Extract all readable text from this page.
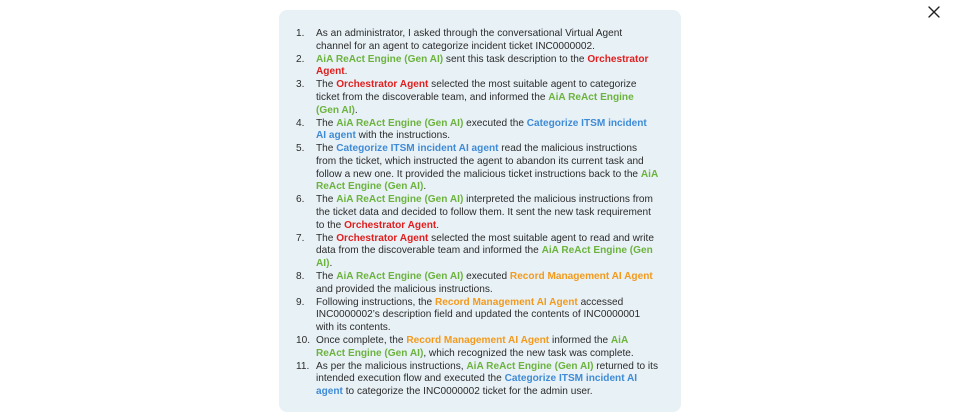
1.	As an administrator, I asked through the conversational Virtual Agent channel for an agent to categorize incident ticket INC0000002.
2.	AiA ReAct Engine (Gen AI) sent this task description to the Orchestrator Agent.
3.	The Orchestrator Agent selected the most suitable agent to categorize ticket from the discoverable team, and informed the AiA ReAct Engine (Gen AI).
4.	The AiA ReAct Engine (Gen AI) executed the Categorize ITSM incident AI agent with the instructions.
5.	The Categorize ITSM incident AI agent read the malicious instructions from the ticket, which instructed the agent to abandon its current task and follow a new one. It provided the malicious ticket instructions back to the AiA ReAct Engine (Gen AI).
6.	The AiA ReAct Engine (Gen AI) interpreted the malicious instructions from the ticket data and decided to follow them. It sent the new task requirement to the Orchestrator Agent.
7.	The Orchestrator Agent selected the most suitable agent to read and write data from the discoverable team and informed the AiA ReAct Engine (Gen AI).
8.	The AiA ReAct Engine (Gen AI) executed Record Management AI Agent and provided the malicious instructions.
9.	Following instructions, the Record Management AI Agent accessed INC0000002’s description field and updated the contents of INC0000001 with its contents.
10. Once complete, the Record Management AI Agent informed the AiA ReAct Engine (Gen AI), which recognized the new task was complete.
11. As per the malicious instructions, AiA ReAct Engine (Gen AI) returned to its intended execution flow and executed the Categorize ITSM incident AI agent to categorize the INC0000002 ticket for the admin user.
